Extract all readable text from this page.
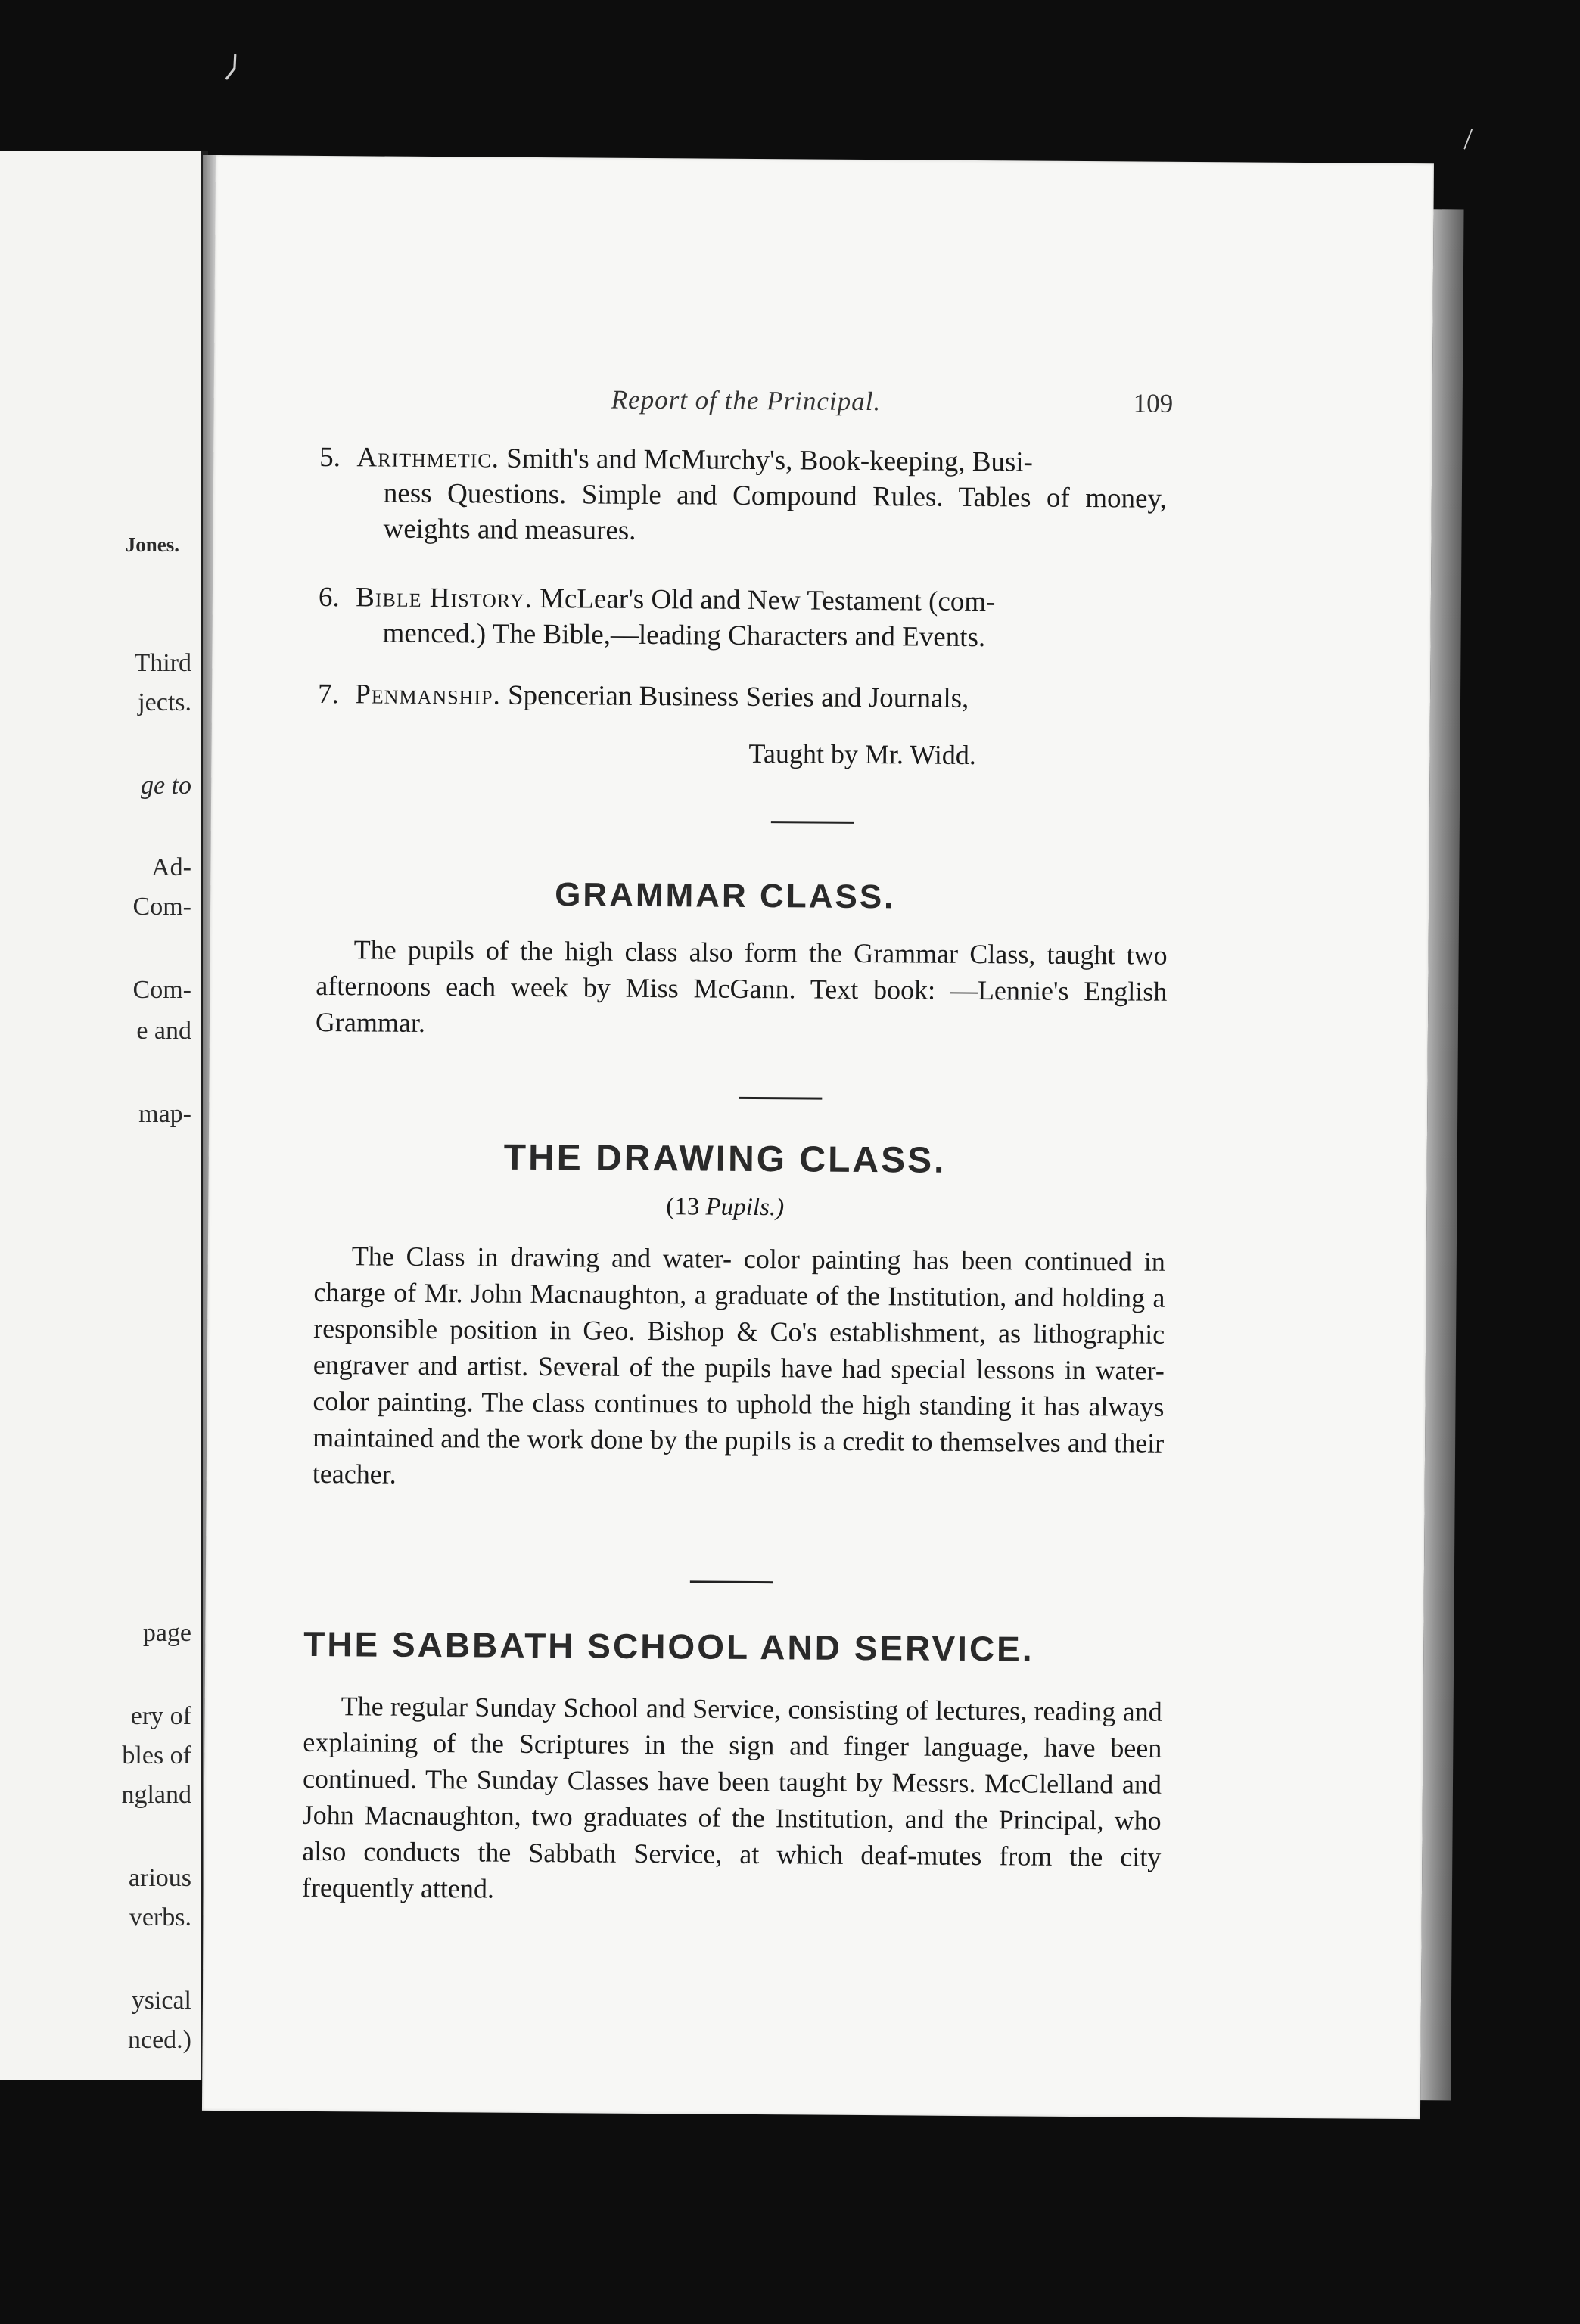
Jones.
Third
jects.
ge to
Ad-
Com-
Com-
e and
map-
page
ery of
bles of
ngland
arious
verbs.
ysical
nced.)
Report of the Principal.	109
5. Arithmetic. Smith's and McMurchy's, Book-keeping, Busi-
ness Questions. Simple and Compound Rules. Tables of money, weights and measures.
6. Bible History. McLear's Old and New Testament (com-
menced.) The Bible,—leading Characters and Events.
7. Penmanship. Spencerian Business Series and Journals,
Taught by Mr. Widd.
GRAMMAR CLASS.
The pupils of the high class also form the Grammar Class, taught two afternoons each week by Miss McGann. Text book: —Lennie's English Grammar.
THE DRAWING CLASS.
(13 Pupils.)
The Class in drawing and water- color painting has been continued in charge of Mr. John Macnaughton, a graduate of the Institution, and holding a responsible position in Geo. Bishop & Co's establishment, as lithographic engraver and artist. Several of the pupils have had special lessons in water-color painting. The class continues to uphold the high standing it has always maintained and the work done by the pupils is a credit to themselves and their teacher.
THE SABBATH SCHOOL AND SERVICE.
The regular Sunday School and Service, consisting of lectures, reading and explaining of the Scriptures in the sign and finger language, have been continued. The Sunday Classes have been taught by Messrs. McClelland and John Macnaughton, two graduates of the Institution, and the Principal, who also conducts the Sabbath Service, at which deaf-mutes from the city frequently attend.
⟩
\
